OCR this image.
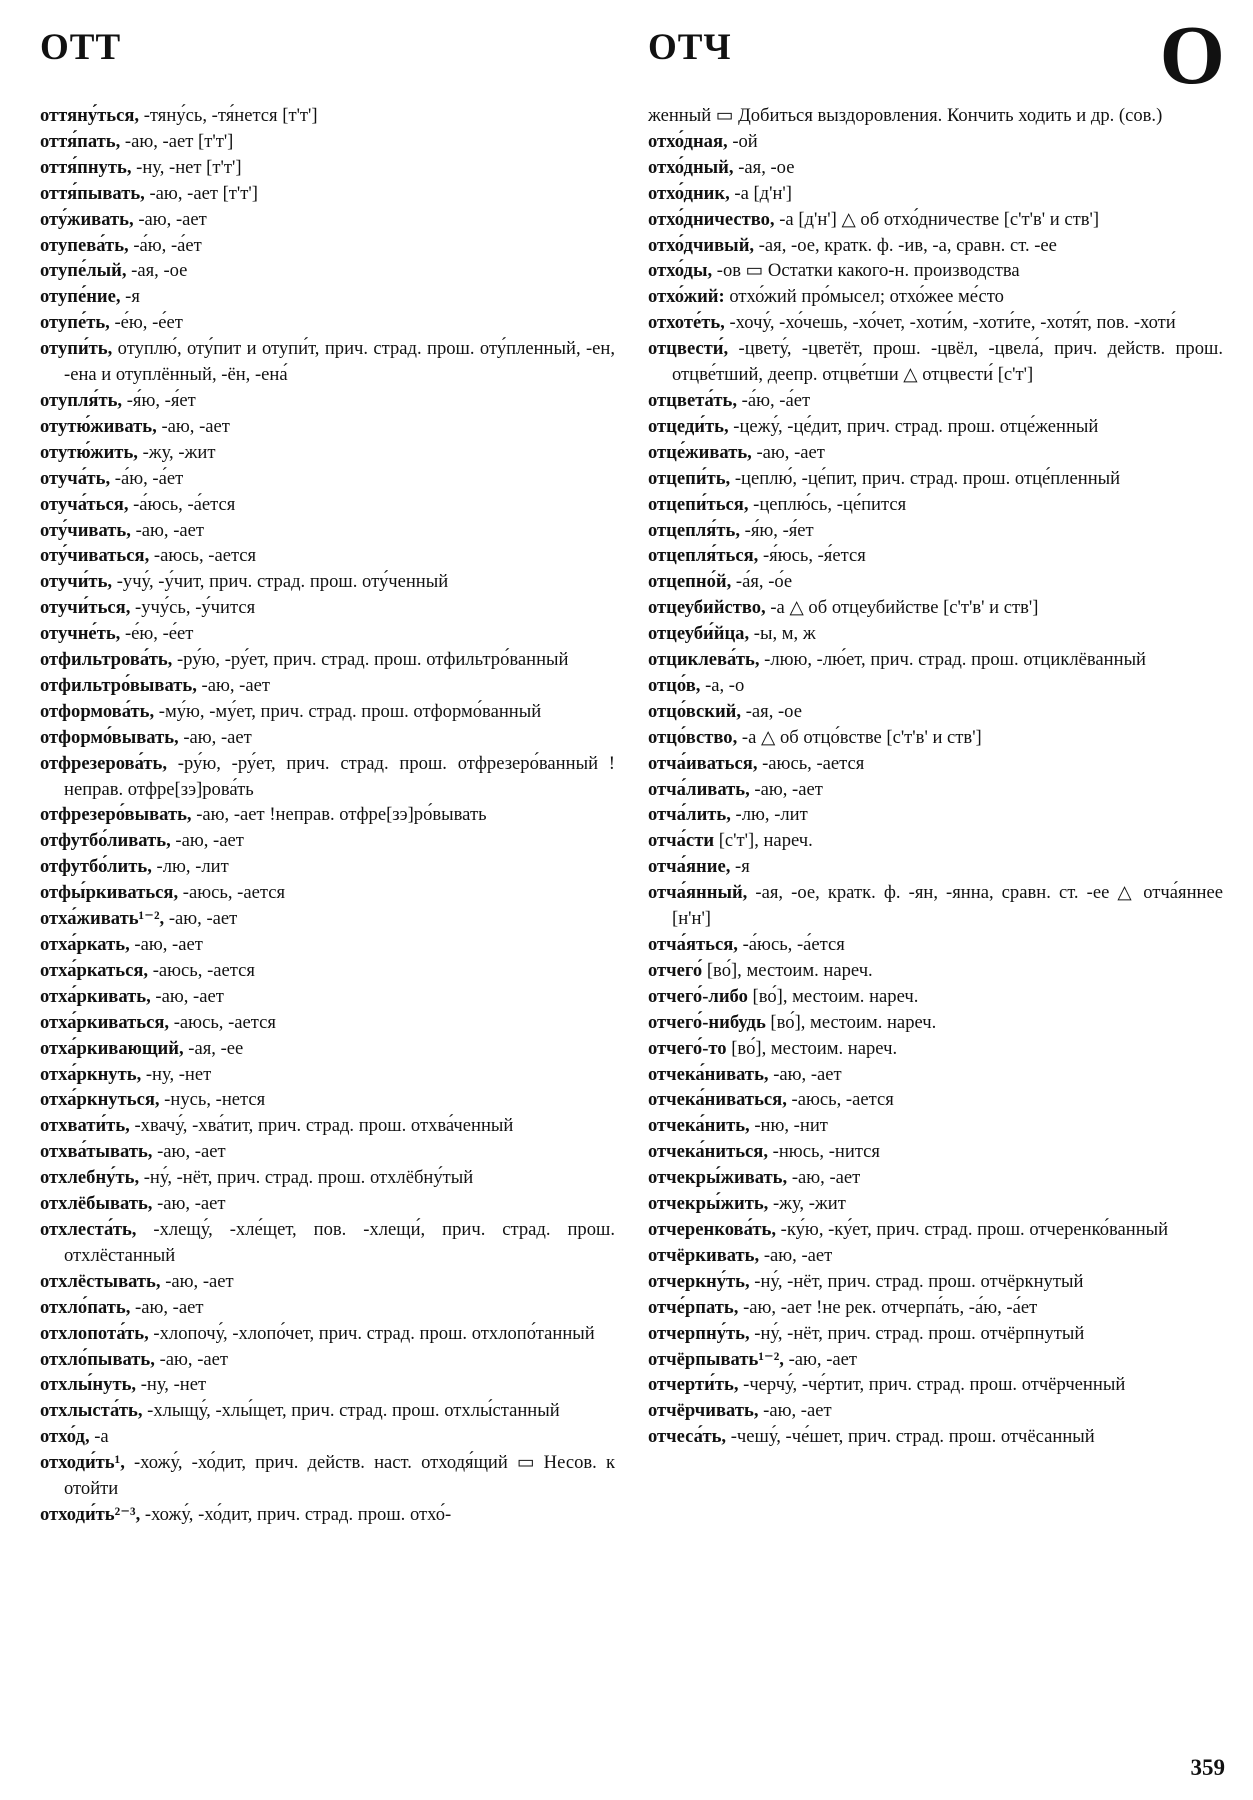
ОТТ	ОТЧ	О
оттяну́ться, -тяну́сь, -тя́нется [т'т']
оття́пать, -аю, -ает [т'т']
оття́пнуть, -ну, -нет [т'т']
оття́пывать, -аю, -ает [т'т']
оту́живать, -аю, -ает
отупева́ть, -а́ю, -а́ет
отупе́лый, -ая, -ое
отупе́ние, -я
отупе́ть, -е́ю, -е́ет
отупи́ть, отуплю́, оту́пит и отупи́т, прич. страд. прош. оту́пленный, -ен, -ена и отуплённый, -ён, -ена́
отупля́ть, -я́ю, -я́ет
отутю́живать, -аю, -ает
отутю́жить, -жу, -жит
отуча́ть, -а́ю, -а́ет
отуча́ться, -а́юсь, -а́ется
оту́чивать, -аю, -ает
оту́чиваться, -аюсь, -ается
отучи́ть, -учу́, -у́чит, прич. страд. прош. оту́ченный
отучи́ться, -учу́сь, -у́чится
отучне́ть, -е́ю, -е́ет
отфильтрова́ть, -ру́ю, -ру́ет, прич. страд. прош. отфильтро́ванный
отфильтро́вывать, -аю, -ает
отформова́ть, -му́ю, -му́ет, прич. страд. прош. отформо́ванный
отформо́вывать, -аю, -ает
отфрезерова́ть, -ру́ю, -ру́ет, прич. страд. прош. отфрезеро́ванный !неправ. отфре[зэ]рова́ть
отфрезеро́вывать, -аю, -ает !неправ. отфре[зэ]ро́вывать
отфутбо́ливать, -аю, -ает
отфутбо́лить, -лю, -лит
отфы́ркиваться, -аюсь, -ается
отха́живать¹⁻², -аю, -ает
отха́ркать, -аю, -ает
отха́ркаться, -аюсь, -ается
отха́ркивать, -аю, -ает
отха́ркиваться, -аюсь, -ается
отха́ркивающий, -ая, -ее
отха́ркнуть, -ну, -нет
отха́ркнуться, -нусь, -нется
отхвати́ть, -хвачу́, -хва́тит, прич. страд. прош. отхва́ченный
отхва́тывать, -аю, -ает
отхлебну́ть, -ну́, -нёт, прич. страд. прош. отхлёбну́тый
отхлёбывать, -аю, -ает
отхлеста́ть, -хлещу́, -хле́щет, пов. -хлещи́, прич. страд. прош. отхлёстанный
отхлёстывать, -аю, -ает
отхло́пать, -аю, -ает
отхлопота́ть, -хлопочу́, -хлопо́чет, прич. страд. прош. отхлопо́танный
отхло́пывать, -аю, -ает
отхлы́нуть, -ну, -нет
отхлыста́ть, -хлыщу́, -хлы́щет, прич. страд. прош. отхлы́станный
отхо́д, -а
отходи́ть¹, -хожу́, -хо́дит, прич. действ. наст. отходя́щий ▭ Несов. к отойти
отходи́ть²⁻³, -хожу́, -хо́дит, прич. страд. прош. отхо́-
женный ▭ Добиться выздоровления. Кончить ходить и др. (сов.)
отхо́дная, -ой
отхо́дный, -ая, -ое
отхо́дник, -а [д'н']
отхо́дничество, -а [д'н'] △ об отхо́дничестве [с'т'в' и ств']
отхо́дчивый, -ая, -ое, кратк. ф. -ив, -а, сравн. ст. -ее
отхо́ды, -ов ▭ Остатки какого-н. производства
отхо́жий: отхо́жий про́мысел; отхо́жее ме́сто
отхоте́ть, -хочу́, -хо́чешь, -хо́чет, -хоти́м, -хоти́те, -хотя́т, пов. -хоти́
отцвести́, -цвету́, -цветёт, прош. -цвёл, -цвела́, прич. действ. прош. отцве́тший, деепр. отцве́тши △ отцвести́ [с'т']
отцвета́ть, -а́ю, -а́ет
отцеди́ть, -цежу́, -це́дит, прич. страд. прош. отце́женный
отце́живать, -аю, -ает
отцепи́ть, -цеплю́, -це́пит, прич. страд. прош. отце́пленный
отцепи́ться, -цеплю́сь, -це́пится
отцепля́ть, -я́ю, -я́ет
отцепля́ться, -я́юсь, -я́ется
отцепно́й, -а́я, -о́е
отцеубийство, -а △ об отцеубийстве [с'т'в' и ств']
отцеуби́йца, -ы, м, ж
отциклева́ть, -люю, -лю́ет, прич. страд. прош. отциклёванный
отцо́в, -а, -о
отцо́вский, -ая, -ое
отцо́вство, -а △ об отцо́встве [с'т'в' и ств']
отча́иваться, -аюсь, -ается
отча́ливать, -аю, -ает
отча́лить, -лю, -лит
отча́сти [с'т'], нареч.
отча́яние, -я
отча́янный, -ая, -ое, кратк. ф. -ян, -янна, сравн. ст. -ее △ отча́яннее [н'н']
отча́яться, -а́юсь, -а́ется
отчего́ [во́], местоим. нареч.
отчего́-либо [во́], местоим. нареч.
отчего́-нибудь [во́], местоим. нареч.
отчего́-то [во́], местоим. нареч.
отчека́нивать, -аю, -ает
отчека́ниваться, -аюсь, -ается
отчека́нить, -ню, -нит
отчека́ниться, -нюсь, -нится
отчекры́живать, -аю, -ает
отчекры́жить, -жу, -жит
отчеренкова́ть, -ку́ю, -ку́ет, прич. страд. прош. отчеренко́ванный
отчёркивать, -аю, -ает
отчеркну́ть, -ну́, -нёт, прич. страд. прош. отчёркнутый
отче́рпать, -аю, -ает !не рек. отчерпа́ть, -а́ю, -а́ет
отчерпну́ть, -ну́, -нёт, прич. страд. прош. отчёрпнутый
отчёрпывать¹⁻², -аю, -ает
отчерти́ть, -черчу́, -че́ртит, прич. страд. прош. отчёрченный
отчёрчивать, -аю, -ает
отчеса́ть, -чешу́, -че́шет, прич. страд. прош. отчёсанный
359
